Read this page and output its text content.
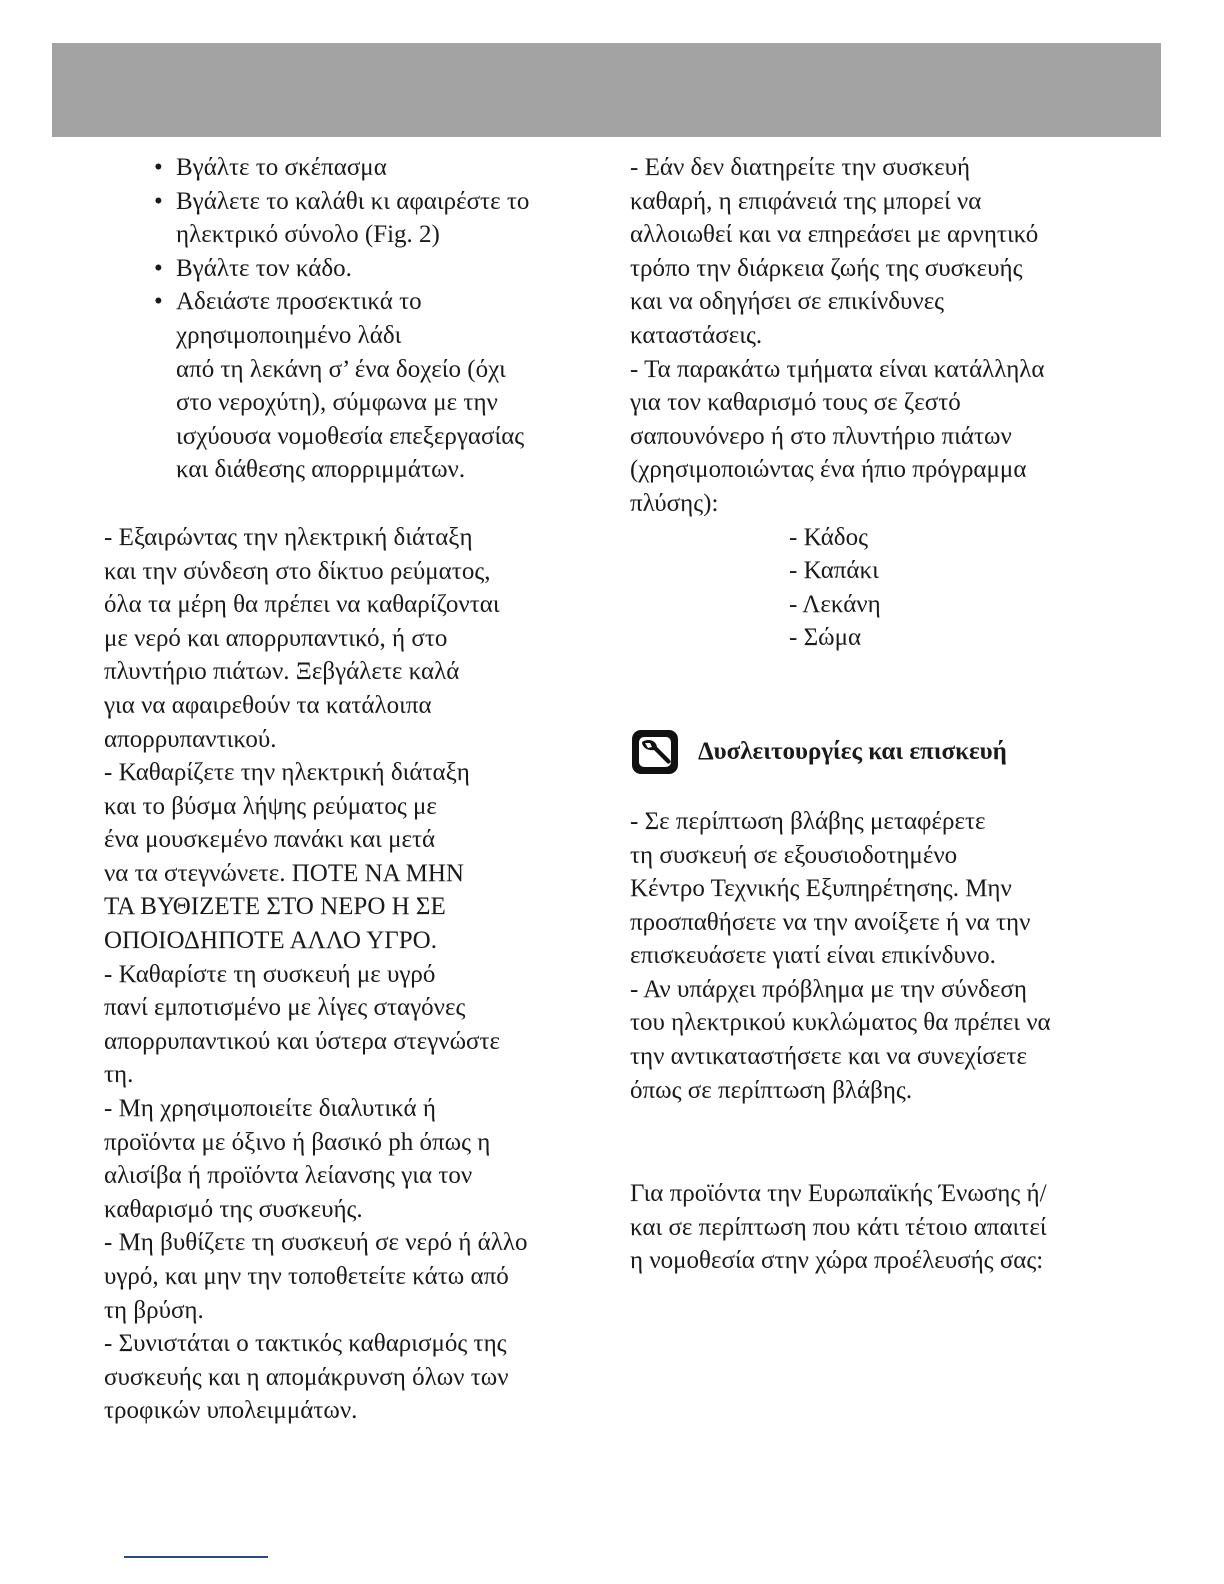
• Βγάλτε το σκέπασμα
• Βγάλετε το καλάθι κι αφαιρέστε το
ηλεκτρικό σύνολο (Fig. 2)
• Βγάλτε τον κάδο.
• Αδειάστε προσεκτικά το
χρησιμοποιημένο λάδι
από τη λεκάνη σ’ ένα δοχείο (όχι
στο νεροχύτη), σύμφωνα με την
ισχύουσα νομοθεσία επεξεργασίας
και διάθεσης απορριμμάτων.
- Εξαιρώντας την ηλεκτρική διάταξη
και την σύνδεση στο δίκτυο ρεύματος,
όλα τα μέρη θα πρέπει να καθαρίζονται
με νερό και απορρυπαντικό, ή στο
πλυντήριο πιάτων. Ξεβγάλετε καλά
για να αφαιρεθούν τα κατάλοιπα
απορρυπαντικού.
- Καθαρίζετε την ηλεκτρική διάταξη
και το βύσμα λήψης ρεύματος με
ένα μουσκεμένο πανάκι και μετά
να τα στεγνώνετε. ΠΟΤΕ ΝΑ ΜΗΝ
ΤΑ ΒΥΘΙΖΕΤΕ ΣΤΟ ΝΕΡΟ Η ΣΕ
ΟΠΟΙΟΔΗΠΟΤΕ ΑΛΛΟ ΥΓΡΟ.
- Καθαρίστε τη συσκευή με υγρό
πανί εμποτισμένο με λίγες σταγόνες
απορρυπαντικού και ύστερα στεγνώστε
τη.
- Μη χρησιμοποιείτε διαλυτικά ή
προϊόντα με όξινο ή βασικό ph όπως η
αλισίβα ή προϊόντα λείανσης για τον
καθαρισμό της συσκευής.
- Μη βυθίζετε τη συσκευή σε νερό ή άλλο
υγρό, και μην την τοποθετείτε κάτω από
τη βρύση.
- Συνιστάται ο τακτικός καθαρισμός της
συσκευής και η απομάκρυνση όλων των
τροφικών υπολειμμάτων.
- Εάν δεν διατηρείτε την συσκευή
καθαρή, η επιφάνειά της μπορεί να
αλλοιωθεί και να επηρεάσει με αρνητικό
τρόπο την διάρκεια ζωής της συσκευής
και να οδηγήσει σε επικίνδυνες
καταστάσεις.
- Τα παρακάτω τμήματα είναι κατάλληλα
για τον καθαρισμό τους σε ζεστό
σαπουνόνερο ή στο πλυντήριο πιάτων
(χρησιμοποιώντας ένα ήπιο πρόγραμμα
πλύσης):
- Κάδος
- Καπάκι
- Λεκάνη
- Σώμα
Δυσλειτουργίες και επισκευή
- Σε περίπτωση βλάβης μεταφέρετε
τη συσκευή σε εξουσιοδοτημένο
Κέντρο Τεχνικής Εξυπηρέτησης. Μην
προσπαθήσετε να την ανοίξετε ή να την
επισκευάσετε γιατί είναι επικίνδυνο.
- Αν υπάρχει πρόβλημα με την σύνδεση
του ηλεκτρικού κυκλώματος θα πρέπει να
την αντικαταστήσετε και να συνεχίσετε
όπως σε περίπτωση βλάβης.
Για προϊόντα την Ευρωπαϊκής Ένωσης ή/
και σε περίπτωση που κάτι τέτοιο απαιτεί
η νομοθεσία στην χώρα προέλευσής σας:
